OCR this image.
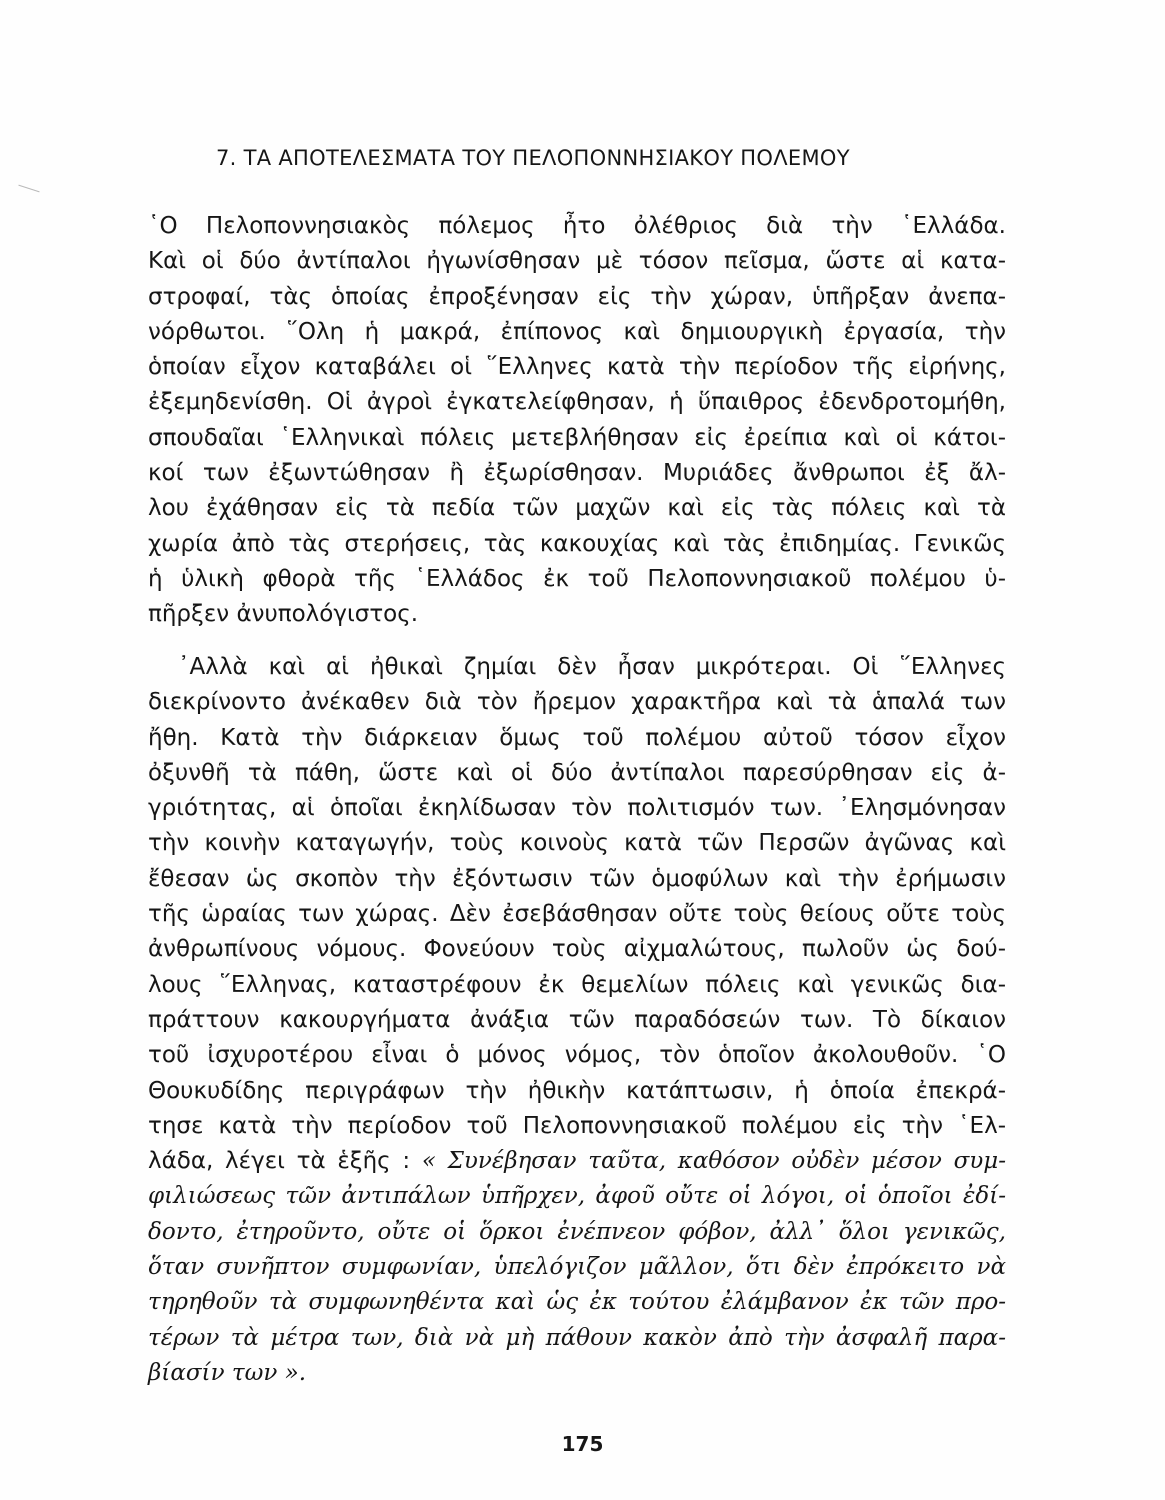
7. ΤΑ ΑΠΟΤΕΛΕΣΜΑΤΑ ΤΟΥ ΠΕΛΟΠΟΝΝΗΣΙΑΚΟΥ ΠΟΛΕΜΟΥ
῾Ο Πελοποννησιακὸς πόλεμος ἦτο ὀλέθριος διὰ τὴν ῾Ελλάδα.
Καὶ οἱ δύο ἀντίπαλοι ἠγωνίσθησαν μὲ τόσον πεῖσμα, ὥστε αἱ κατα-
στροφαί, τὰς ὁποίας ἐπροξένησαν εἰς τὴν χώραν, ὑπῆρξαν ἀνεπα-
νόρθωτοι. ῞Ολη ἡ μακρά, ἐπίπονος καὶ δημιουργικὴ ἐργασία, τὴν
ὁποίαν εἶχον καταβάλει οἱ ῞Ελληνες κατὰ τὴν περίοδον τῆς εἰρήνης,
ἐξεμηδενίσθη. Οἱ ἀγροὶ ἐγκατελείφθησαν, ἡ ὕπαιθρος ἐδενδροτομήθη,
σπουδαῖαι ῾Ελληνικαὶ πόλεις μετεβλήθησαν εἰς ἐρείπια καὶ οἱ κάτοι-
κοί των ἐξωντώθησαν ἢ ἐξωρίσθησαν. Μυριάδες ἄνθρωποι ἐξ ἄλ-
λου ἐχάθησαν εἰς τὰ πεδία τῶν μαχῶν καὶ εἰς τὰς πόλεις καὶ τὰ
χωρία ἀπὸ τὰς στερήσεις, τὰς κακουχίας καὶ τὰς ἐπιδημίας. Γενικῶς
ἡ ὑλικὴ φθορὰ τῆς ῾Ελλάδος ἐκ τοῦ Πελοποννησιακοῦ πολέμου ὑ-
πῆρξεν ἀνυπολόγιστος.
᾿Αλλὰ καὶ αἱ ἠθικαὶ ζημίαι δὲν ἦσαν μικρότεραι. Οἱ ῞Ελληνες
διεκρίνοντο ἀνέκαθεν διὰ τὸν ἤρεμον χαρακτῆρα καὶ τὰ ἁπαλά των
ἤθη. Κατὰ τὴν διάρκειαν ὅμως τοῦ πολέμου αὐτοῦ τόσον εἶχον
ὀξυνθῆ τὰ πάθη, ὥστε καὶ οἱ δύο ἀντίπαλοι παρεσύρθησαν εἰς ἀ-
γριότητας, αἱ ὁποῖαι ἐκηλίδωσαν τὸν πολιτισμόν των. ᾿Ελησμόνησαν
τὴν κοινὴν καταγωγήν, τοὺς κοινοὺς κατὰ τῶν Περσῶν ἀγῶνας καὶ
ἔθεσαν ὡς σκοπὸν τὴν ἐξόντωσιν τῶν ὁμοφύλων καὶ τὴν ἐρήμωσιν
τῆς ὡραίας των χώρας. Δὲν ἐσεβάσθησαν οὔτε τοὺς θείους οὔτε τοὺς
ἀνθρωπίνους νόμους. Φονεύουν τοὺς αἰχμαλώτους, πωλοῦν ὡς δού-
λους ῞Ελληνας, καταστρέφουν ἐκ θεμελίων πόλεις καὶ γενικῶς δια-
πράττουν κακουργήματα ἀνάξια τῶν παραδόσεών των. Τὸ δίκαιον
τοῦ ἰσχυροτέρου εἶναι ὁ μόνος νόμος, τὸν ὁποῖον ἀκολουθοῦν. ῾Ο
Θουκυδίδης περιγράφων τὴν ἠθικὴν κατάπτωσιν, ἡ ὁποία ἐπεκρά-
τησε κατὰ τὴν περίοδον τοῦ Πελοποννησιακοῦ πολέμου εἰς τὴν ῾Ελ-
λάδα, λέγει τὰ ἑξῆς : « Συνέβησαν ταῦτα, καθόσον οὐδὲν μέσον συμ-
φιλιώσεως τῶν ἀντιπάλων ὑπῆρχεν, ἀφοῦ οὔτε οἱ λόγοι, οἱ ὁποῖοι ἐδί-
δοντο, ἐτηροῦντο, οὔτε οἱ ὅρκοι ἐνέπνεον φόβον, ἀλλ᾿ ὅλοι γενικῶς,
ὅταν συνῆπτον συμφωνίαν, ὑπελόγιζον μᾶλλον, ὅτι δὲν ἐπρόκειτο νὰ
τηρηθοῦν τὰ συμφωνηθέντα καὶ ὡς ἐκ τούτου ἐλάμβανον ἐκ τῶν προ-
τέρων τὰ μέτρα των, διὰ νὰ μὴ πάθουν κακὸν ἀπὸ τὴν ἀσφαλῆ παρα-
βίασίν των ».
175
